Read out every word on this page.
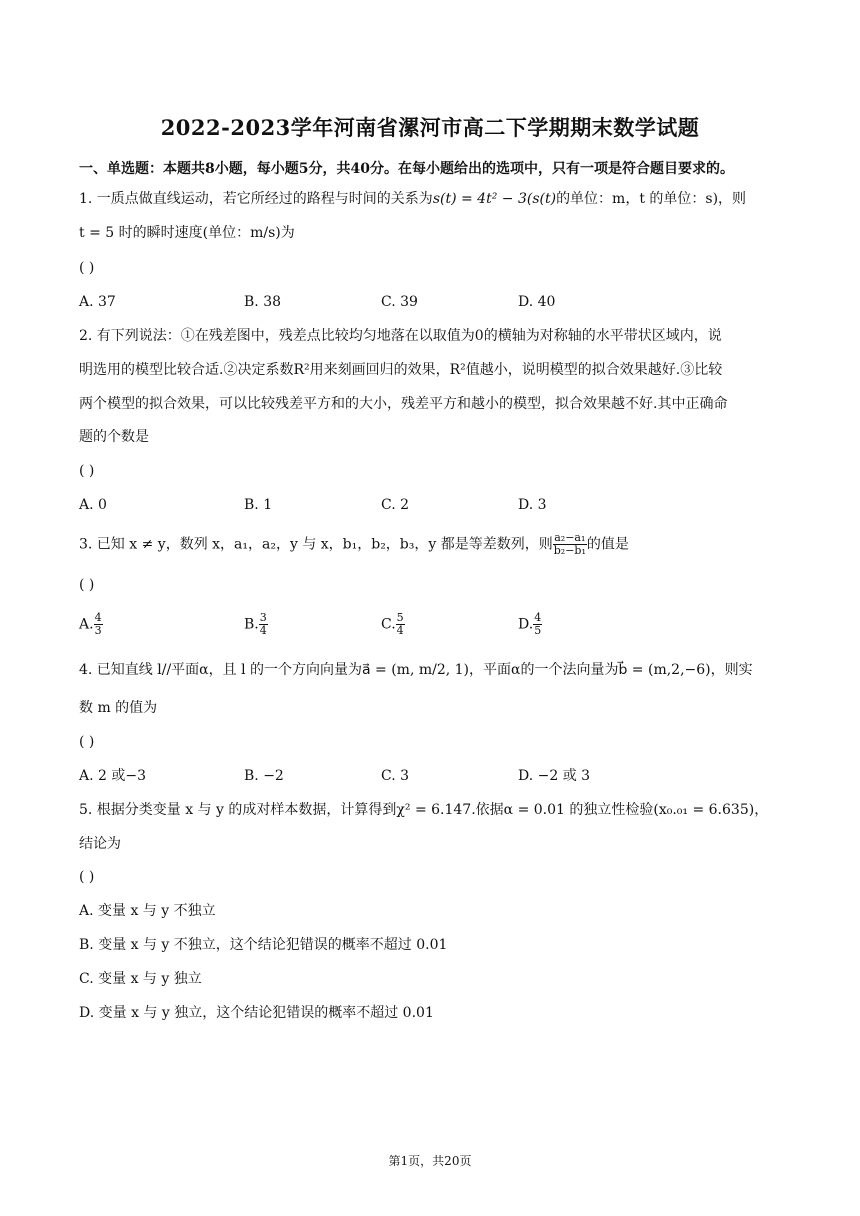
2022-2023学年河南省漯河市高二下学期期末数学试题
一、单选题：本题共8小题，每小题5分，共40分。在每小题给出的选项中，只有一项是符合题目要求的。
1. 一质点做直线运动，若它所经过的路程与时间的关系为s(t) = 4t² − 3(s(t)的单位：m，t 的单位：s)，则
t = 5 时的瞬时速度(单位：m/s)为
( )
A. 37	B. 38	C. 39	D. 40
2. 有下列说法：①在残差图中，残差点比较均匀地落在以取值为0的横轴为对称轴的水平带状区域内，说
明选用的模型比较合适.②决定系数R²用来刻画回归的效果，R²值越小，说明模型的拟合效果越好.③比较
两个模型的拟合效果，可以比较残差平方和的大小，残差平方和越小的模型，拟合效果越不好.其中正确命
题的个数是
( )
A. 0	B. 1	C. 2	D. 3
3. 已知 x ≠ y，数列 x，a₁，a₂，y 与 x，b₁，b₂，b₃，y 都是等差数列，则 $\frac{\text{a₂−a₁}}{\text{b₂−b₁}}$ 的值是
( )
A. $\frac{4}{3}$	B. $\frac{3}{4}$	C. $\frac{5}{4}$	D. $\frac{4}{5}$
4. 已知直线 l//平面α，且 l 的一个方向向量为a⃗ = (m, m/2, 1)，平面α的一个法向量为b⃗ = (m,2,−6)，则实
数 m 的值为
( )
A. 2 或−3	B. −2	C. 3	D. −2 或 3
5. 根据分类变量 x 与 y 的成对样本数据，计算得到χ² = 6.147.依据α = 0.01 的独立性检验(x₀.₀₁ = 6.635)，
结论为
( )
A. 变量 x 与 y 不独立
B. 变量 x 与 y 不独立，这个结论犯错误的概率不超过 0.01
C. 变量 x 与 y 独立
D. 变量 x 与 y 独立，这个结论犯错误的概率不超过 0.01
第1页，共20页
